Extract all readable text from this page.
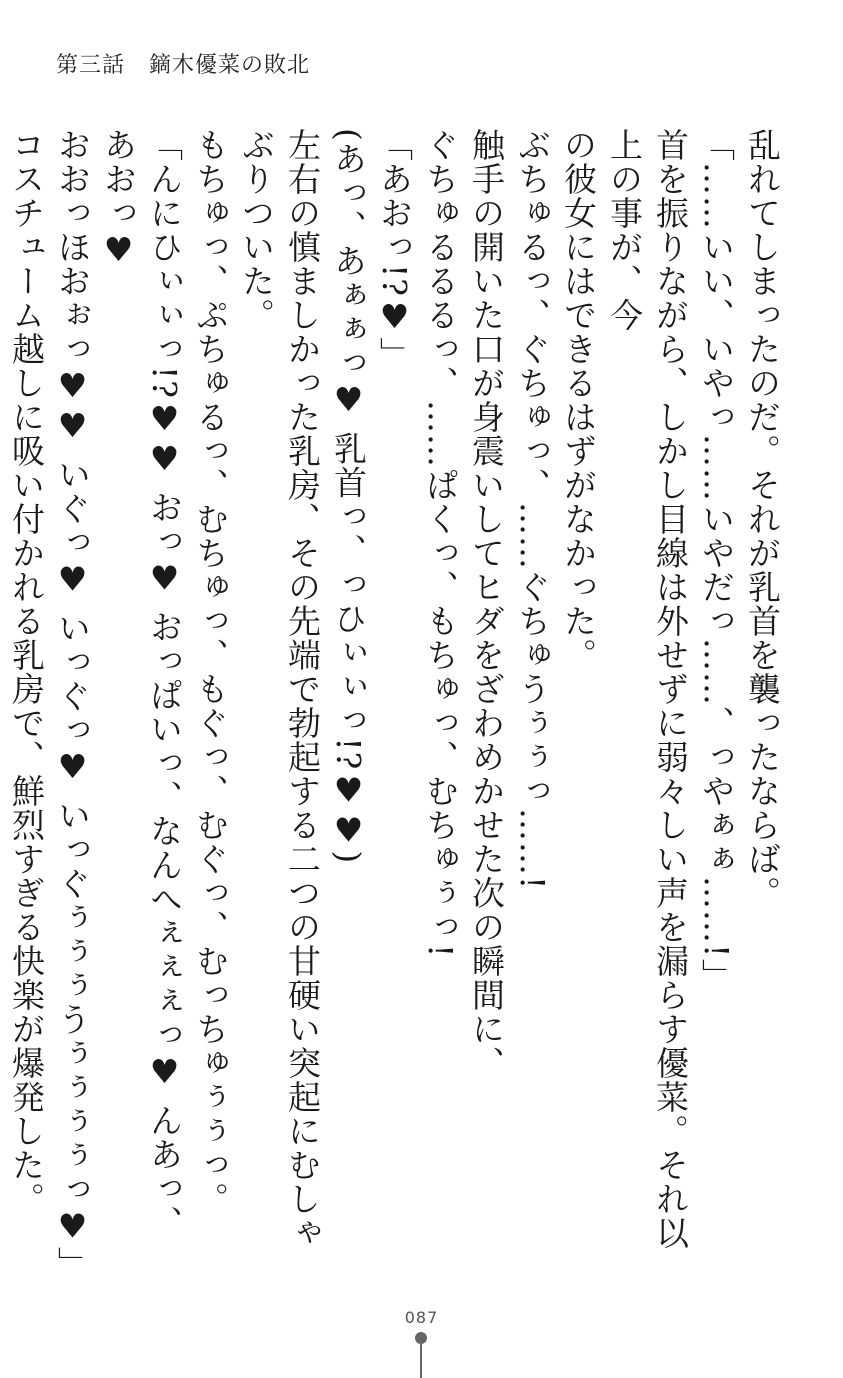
第三話 鏑木優菜の敗北

乱れてしまったのだ。それが乳首を襲ったならば。

「……いい、いやっ……いやだっ……、っやぁぁ……!」

首を振りながら、しかし目線は外せずに弱々しい声を漏らす優菜。それ以上の事が、今

の彼女にはできるはずがなかった。

ぶちゅるっ、ぐちゅっ、……ぐちゅうぅぅっ……!

触手の開いた口が身震いしてヒダをざわめかせた次の瞬間に、

ぐちゅるるるっ、……ぱくっ、もちゅっ、むちゅぅっ!

「あおっ!?♥」

(あっ、あぁぁっ♥ 乳首っ、っひぃぃっ!?♥♥)

左右の慎ましかった乳房、その先端で勃起する二つの甘硬い突起にむしゃぶりついた。

もちゅっ、ぷちゅるっ、むちゅっ、もぐっ、むぐっ、むっちゅぅぅっ。

「んにひぃぃっ!?♥♥ おっ♥ おっぱいっ、なんへぇぇぇっ♥ んあっ、あおっ♥

おおっほおぉっ♥♥ いぐっ♥ いっぐっ♥ いっぐぅぅぅうぅぅぅぅっ♥」

コスチューム越しに吸い付かれる乳房で、鮮烈すぎる快楽が爆発した。

087
